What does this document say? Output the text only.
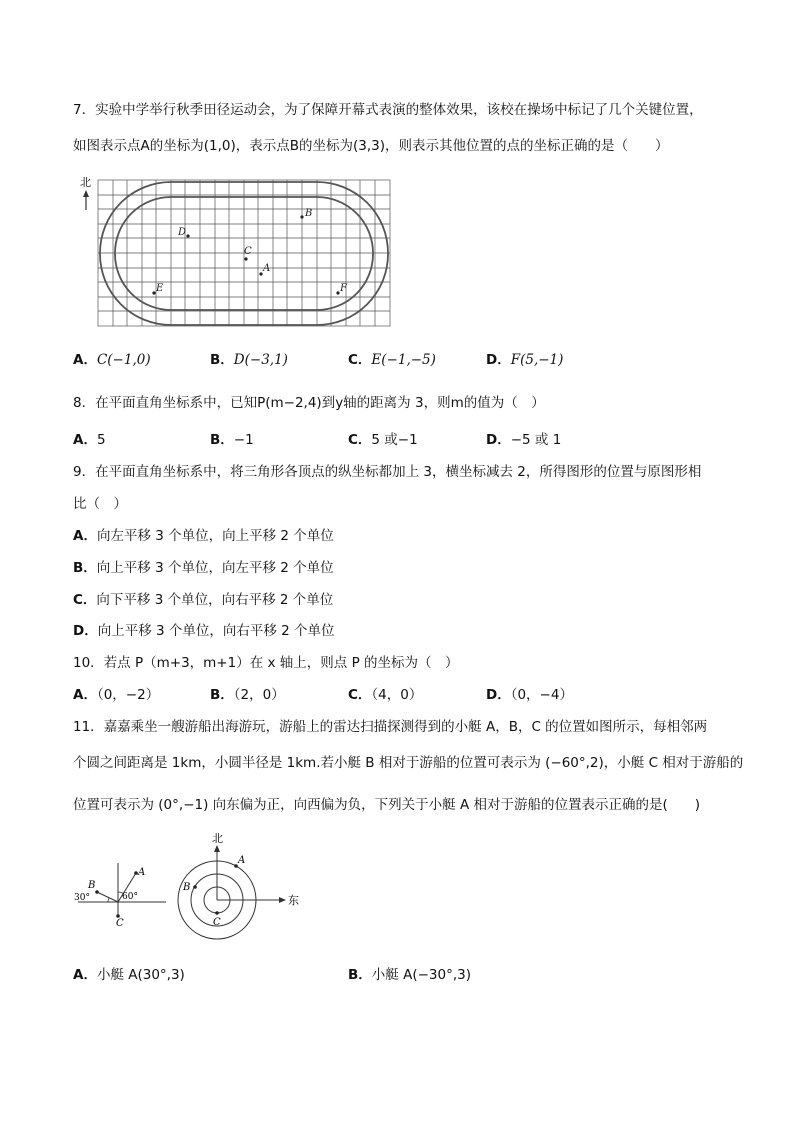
7．实验中学举行秋季田径运动会，为了保障开幕式表演的整体效果，该校在操场中标记了几个关键位置，
如图表示点A的坐标为(1,0)，表示点B的坐标为(3,3)，则表示其他位置的点的坐标正确的是（　　）
北
B
D
C
A
E	F
A．C(−1,0)	B．D(−3,1)	C．E(−1,−5)	D．F(5,−1)
8．在平面直角坐标系中，已知P(m−2,4)到y轴的距离为 3，则m的值为（　）
A．5	B．−1	C．5 或−1	D．−5 或 1
9．在平面直角坐标系中，将三角形各顶点的纵坐标都加上 3，横坐标减去 2，所得图形的位置与原图形相
比（　）
A．向左平移 3 个单位，向上平移 2 个单位
B．向上平移 3 个单位，向左平移 2 个单位
C．向下平移 3 个单位，向右平移 2 个单位
D．向上平移 3 个单位，向右平移 2 个单位
10．若点 P（m+3，m+1）在 x 轴上，则点 P 的坐标为（　）
A．（0，−2）	B．（2，0）	C．（4，0）	D．（0，−4）
11．嘉嘉乘坐一艘游船出海游玩，游船上的雷达扫描探测得到的小艇 A，B，C 的位置如图所示，每相邻两
个圆之间距离是 1km，小圆半径是 1km.若小艇 B 相对于游船的位置可表示为 (−60°,2)，小艇 C 相对于游船的
位置可表示为 (0°,−1) 向东偏为正，向西偏为负，下列关于小艇 A 相对于游船的位置表示正确的是(　　)
A
B
C
60°
30°
北
东
A
B
C
A．小艇 A(30°,3)	B．小艇 A(−30°,3)
